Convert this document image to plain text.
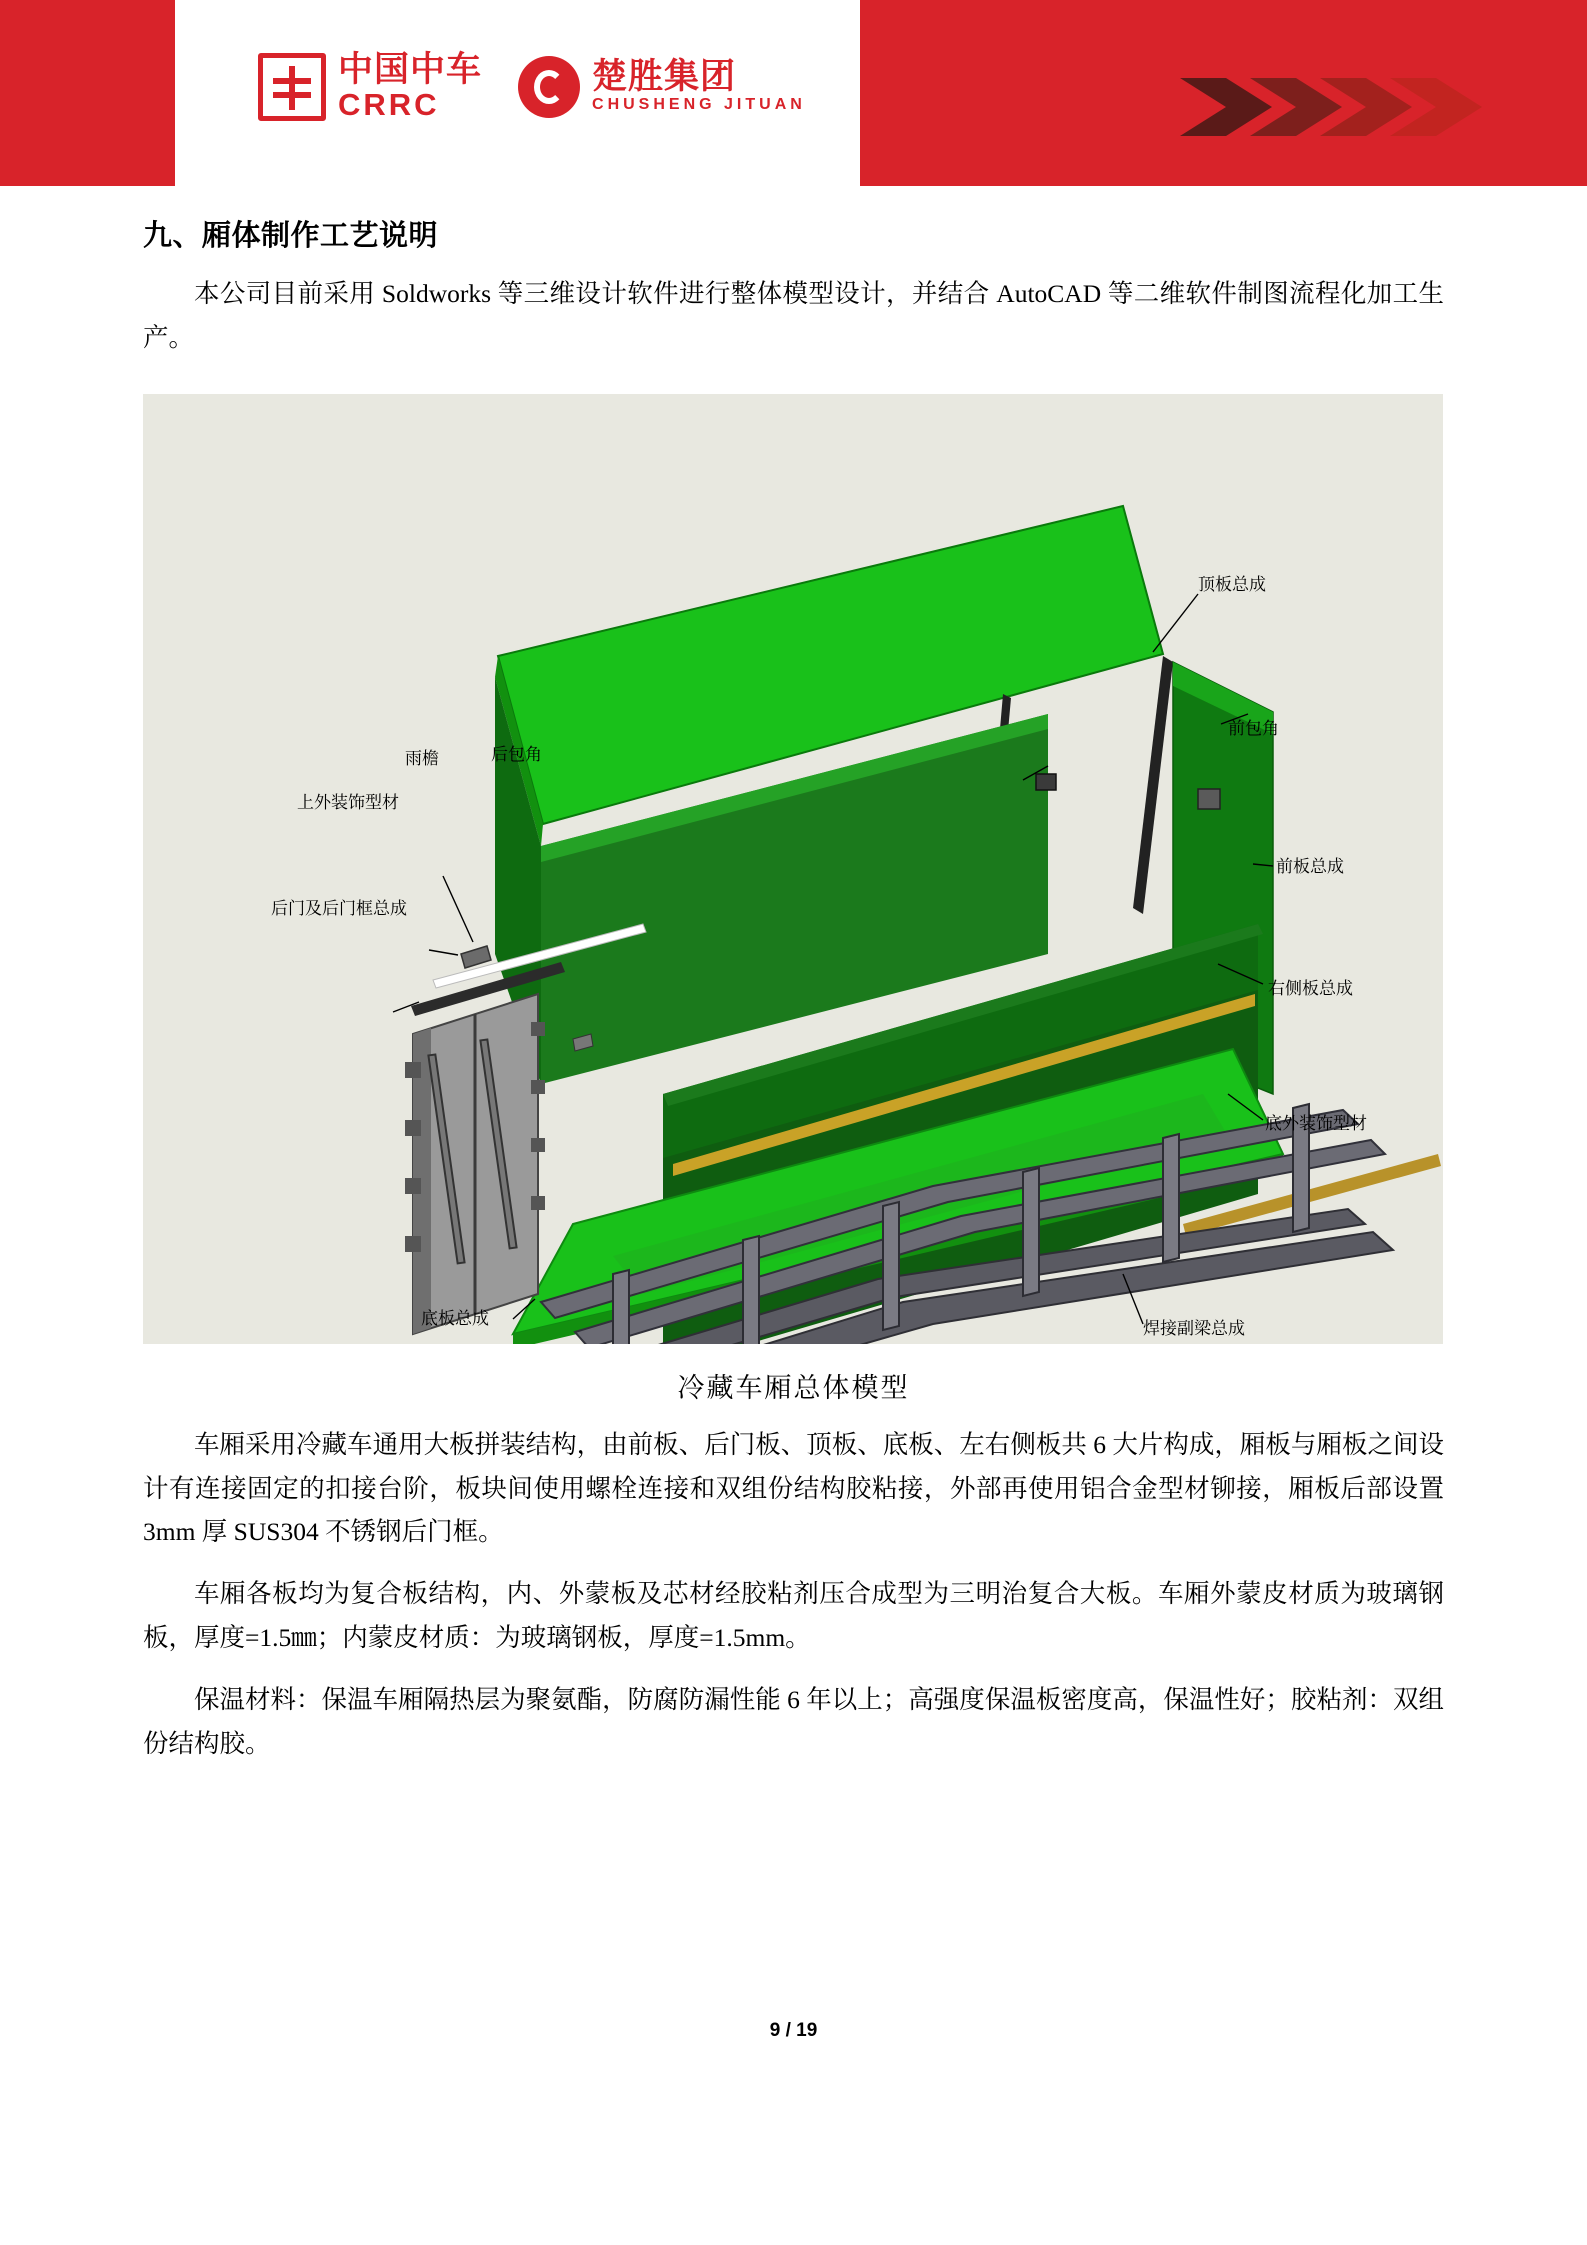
中国中车
CRRC
楚胜集团
CHUSHENG JITUAN
九、厢体制作工艺说明

本公司目前采用 Soldworks 等三维设计软件进行整体模型设计，并结合 AutoCAD 等二维软件制图流程化加工生产。

顶板总成
前包角
后包角
雨檐
上外装饰型材
后门及后门框总成
前板总成
右侧板总成
底外装饰型材
底板总成	焊接副梁总成
冷藏车厢总体模型

车厢采用冷藏车通用大板拼装结构，由前板、后门板、顶板、底板、左右侧板共 6 大片构成，厢板与厢板之间设计有连接固定的扣接台阶，板块间使用螺栓连接和双组份结构胶粘接，外部再使用铝合金型材铆接，厢板后部设置 3mm 厚 SUS304 不锈钢后门框。

车厢各板均为复合板结构，内、外蒙板及芯材经胶粘剂压合成型为三明治复合大板。车厢外蒙皮材质为玻璃钢板，厚度=1.5㎜；内蒙皮材质：为玻璃钢板，厚度=1.5mm。

保温材料：保温车厢隔热层为聚氨酯，防腐防漏性能 6 年以上；高强度保温板密度高，保温性好；胶粘剂：双组份结构胶。

9 / 19
